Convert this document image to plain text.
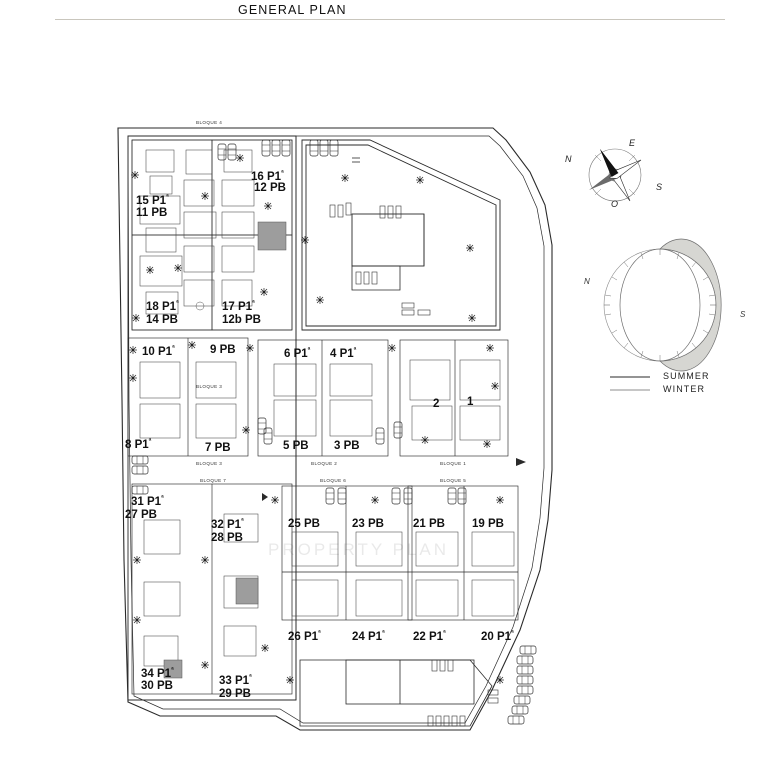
GENERAL PLAN
16 $P1^ª$
12 PB
15 $P1^ª$
11 PB
18 $P1^ª$
14 PB
17 $P1^ª$
12b PB
10 $P1^ª$	9 PB	6 $P1^ª$ 4 $P1^ª$
2 1
8 $P1^ª$
7 PB	5 PB 3 PB
31 $P1^ª$
27 PB
32 $P1^ª$
28 PB
25 PB	23 PB	21 PB 19 PB
26 $P1^ª$	24 $P1^ª$ 22 $P1^ª$	20 $P1^ª$
34 $P1^ª$
30 PB	33 $P1^ª$
29 PB
BLOQUE 4
BLOQUE 3
BLOQUE 3	BLOQUE 2	BLOQUE 1
BLOQUE 7	BLOQUE 6	BLOQUE 5
SUMMER
WINTER
N
E
S
O
N
S
PROPERTY PLAN
